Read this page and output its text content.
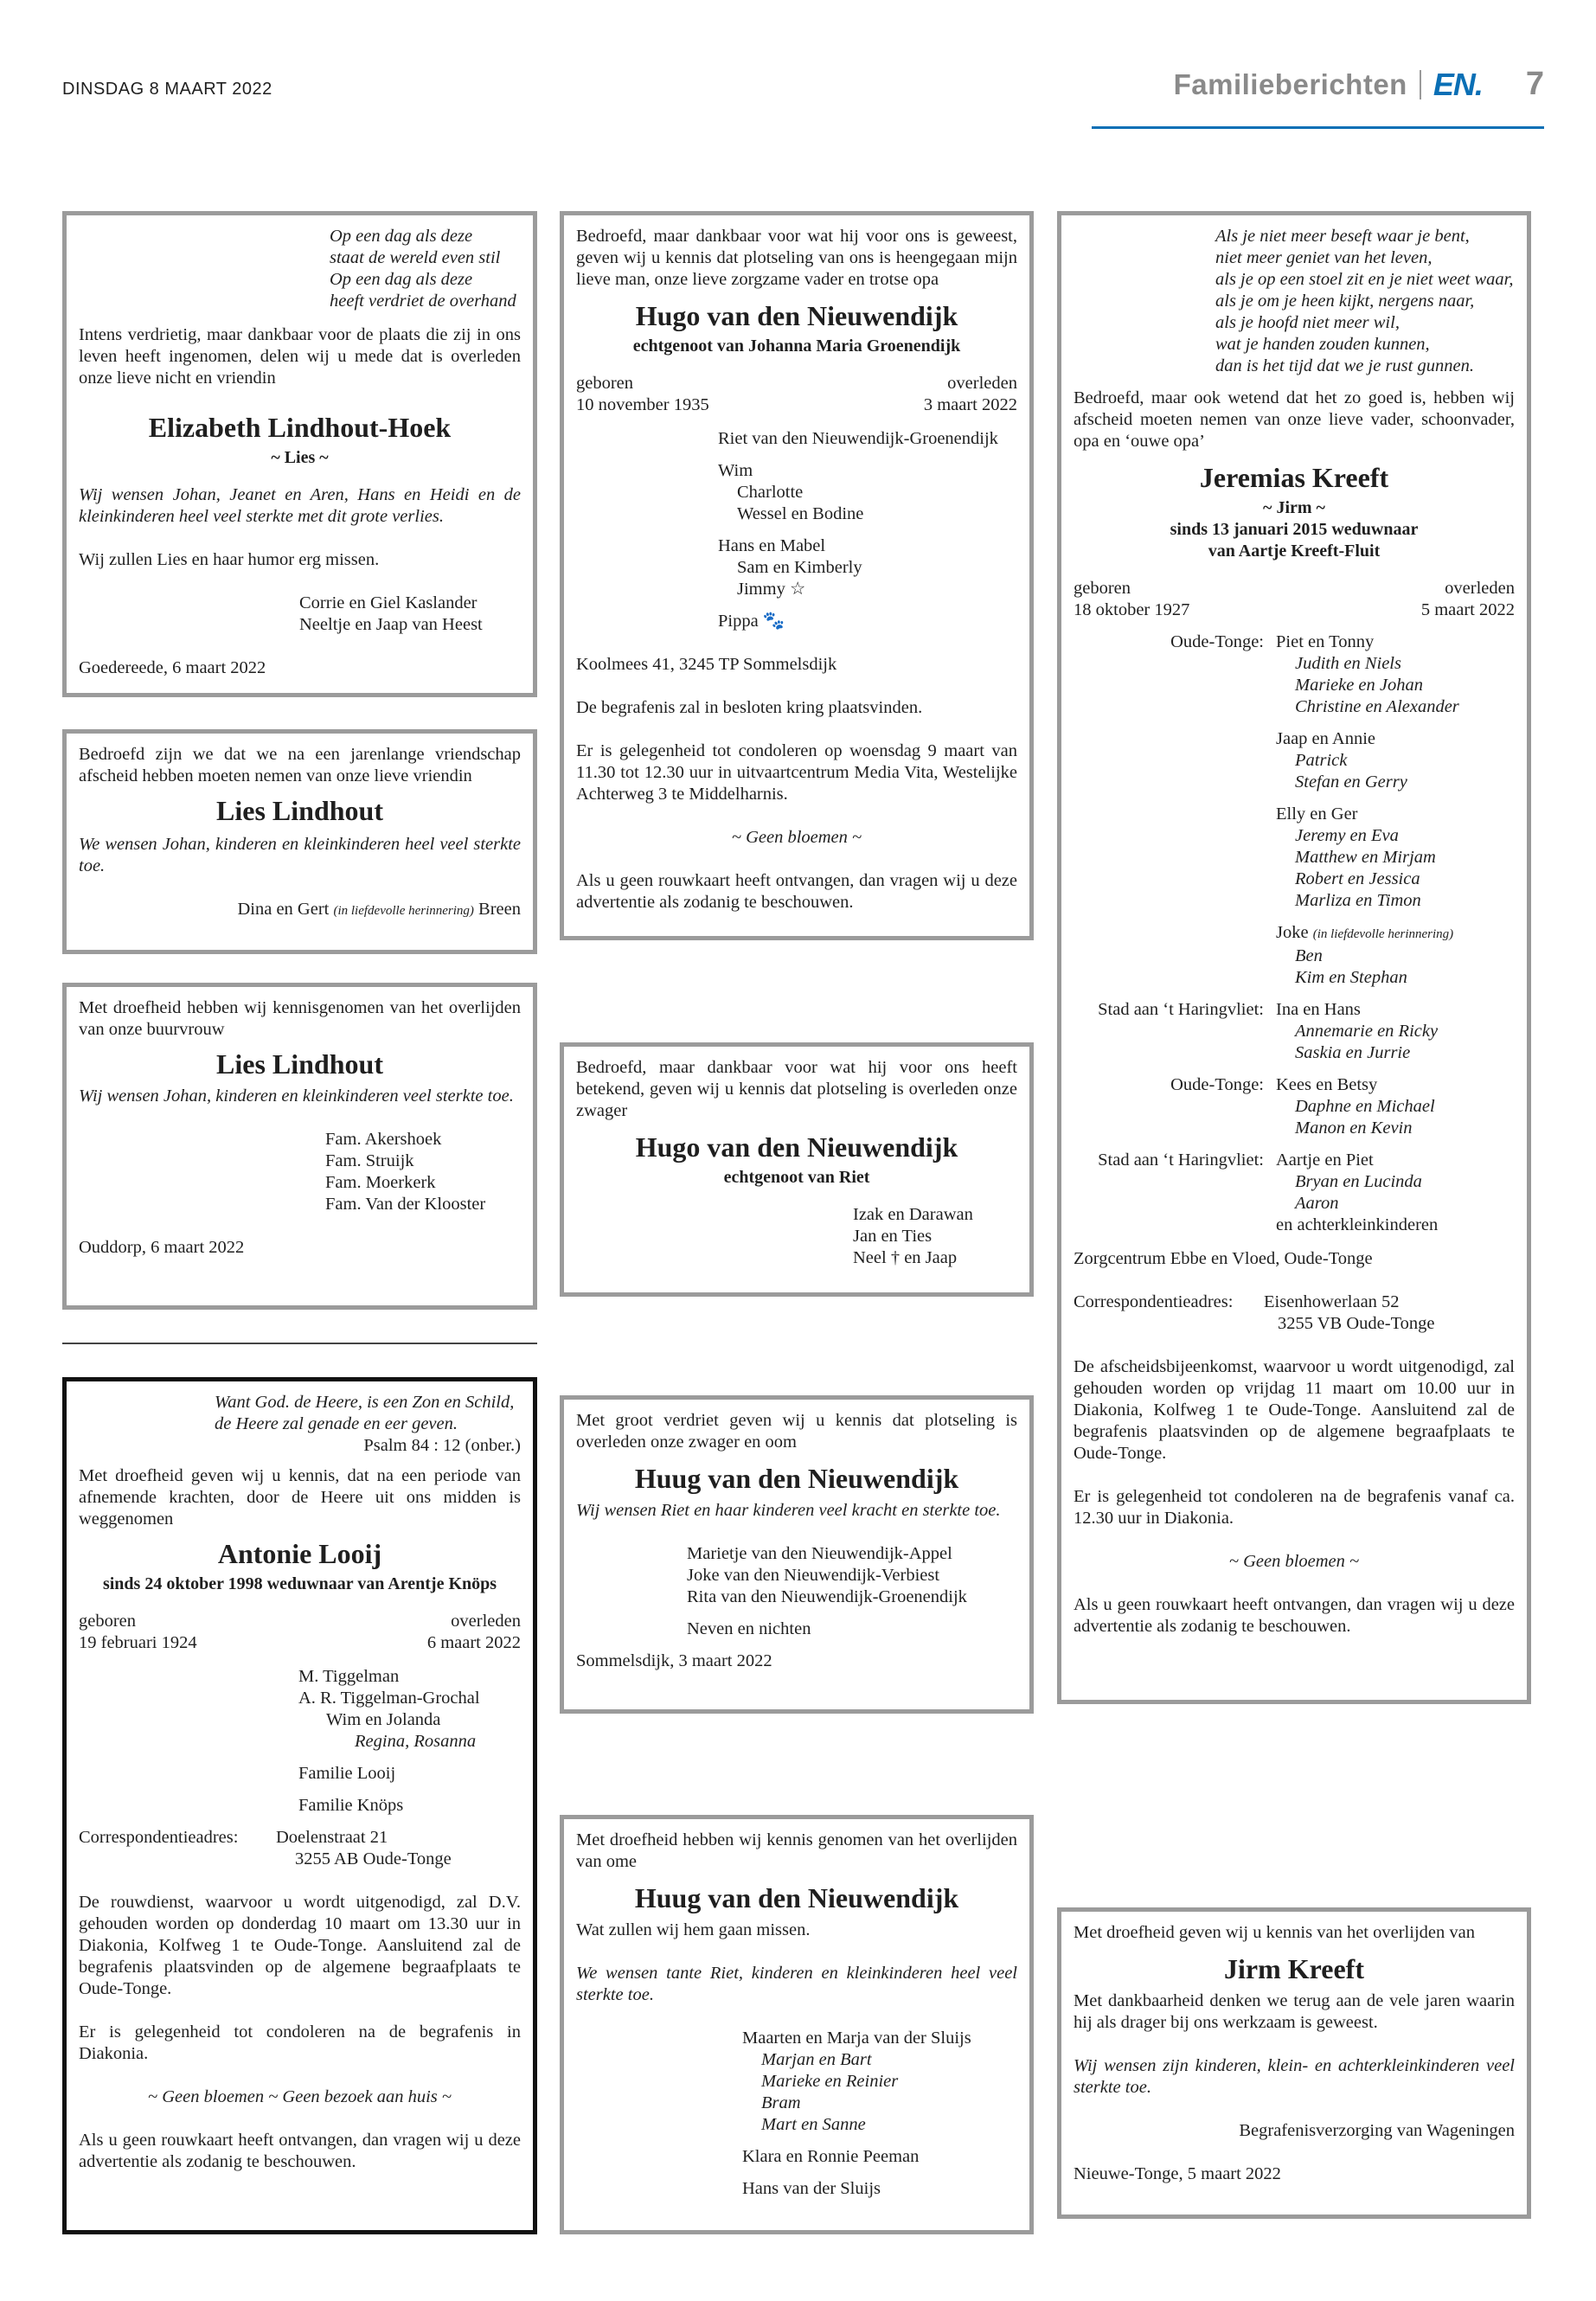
DINSDAG 8 MAART 2022	Familieberichten EN. 7
Op een dag als deze
staat de wereld even stil
Op een dag als deze
heeft verdriet de overhand

Intens verdrietig, maar dankbaar voor de plaats die zij in ons leven heeft ingenomen, delen wij u mede dat is overleden onze lieve nicht en vriendin

Elizabeth Lindhout-Hoek

~ Lies ~

Wij wensen Johan, Jeanet en Aren, Hans en Heidi en de kleinkinderen heel veel sterkte met dit grote verlies.

Wij zullen Lies en haar humor erg missen.

Corrie en Giel Kaslander
Neeltje en Jaap van Heest

Goedereede, 6 maart 2022

Bedroefd zijn we dat we na een jarenlange vriendschap afscheid hebben moeten nemen van onze lieve vriendin

Lies Lindhout

We wensen Johan, kinderen en kleinkinderen heel veel sterkte toe.

Dina en Gert (in liefdevolle herinnering) Breen

Met droefheid hebben wij kennisgenomen van het overlijden van onze buurvrouw

Lies Lindhout

Wij wensen Johan, kinderen en kleinkinderen veel sterkte toe.

Fam. Akershoek
Fam. Struijk
Fam. Moerkerk
Fam. Van der Klooster

Ouddorp, 6 maart 2022

Want God. de Heere, is een Zon en Schild,
de Heere zal genade en eer geven.

Psalm 84 : 12 (onber.)

Met droefheid geven wij u kennis, dat na een periode van afnemende krachten, door de Heere uit ons midden is weggenomen

Antonie Looij

sinds 24 oktober 1998 weduwnaar van Arentje Knöps

geboren
19 februari 1924
overleden
6 maart 2022
M. Tiggelman
A. R. Tiggelman-Grochal
Wim en Jolanda
Regina, Rosanna
Familie Looij
Familie Knöps
Correspondentieadres:	Doelenstraat 21
3255 AB Oude-Tonge

De rouwdienst, waarvoor u wordt uitgenodigd, zal D.V. gehouden worden op donderdag 10 maart om 13.30 uur in Diakonia, Kolfweg 1 te Oude-Tonge. Aansluitend zal de begrafenis plaatsvinden op de algemene begraafplaats te Oude-Tonge.

Er is gelegenheid tot condoleren na de begrafenis in Diakonia.

~ Geen bloemen ~ Geen bezoek aan huis ~

Als u geen rouwkaart heeft ontvangen, dan vragen wij u deze advertentie als zodanig te beschouwen.

Bedroefd, maar dankbaar voor wat hij voor ons is geweest, geven wij u kennis dat plotseling van ons is heengegaan mijn lieve man, onze lieve zorgzame vader en trotse opa

Hugo van den Nieuwendijk

echtgenoot van Johanna Maria Groenendijk

geboren
10 november 1935
overleden
3 maart 2022
Riet van den Nieuwendijk-Groenendijk
Wim
Charlotte
Wessel en Bodine
Hans en Mabel
Sam en Kimberly
Jimmy ☆
Pippa 🐾

Koolmees 41, 3245 TP Sommelsdijk

De begrafenis zal in besloten kring plaatsvinden.

Er is gelegenheid tot condoleren op woensdag 9 maart van 11.30 tot 12.30 uur in uitvaartcentrum Media Vita, Westelijke Achterweg 3 te Middelharnis.

~ Geen bloemen ~

Als u geen rouwkaart heeft ontvangen, dan vragen wij u deze advertentie als zodanig te beschouwen.

Bedroefd, maar dankbaar voor wat hij voor ons heeft betekend, geven wij u kennis dat plotseling is overleden onze zwager

Hugo van den Nieuwendijk

echtgenoot van Riet

Izak en Darawan
Jan en Ties
Neel † en Jaap

Met groot verdriet geven wij u kennis dat plotseling is overleden onze zwager en oom

Huug van den Nieuwendijk

Wij wensen Riet en haar kinderen veel kracht en sterkte toe.

Marietje van den Nieuwendijk-Appel
Joke van den Nieuwendijk-Verbiest
Rita van den Nieuwendijk-Groenendijk
Neven en nichten

Sommelsdijk, 3 maart 2022

Met droefheid hebben wij kennis genomen van het overlijden van ome

Huug van den Nieuwendijk

Wat zullen wij hem gaan missen.

We wensen tante Riet, kinderen en kleinkinderen heel veel sterkte toe.

Maarten en Marja van der Sluijs
Marjan en Bart
Marieke en Reinier
Bram
Mart en Sanne
Klara en Ronnie Peeman
Hans van der Sluijs
Als je niet meer beseft waar je bent,
niet meer geniet van het leven,
als je op een stoel zit en je niet weet waar,
als je om je heen kijkt, nergens naar,
als je hoofd niet meer wil,
wat je handen zouden kunnen,
dan is het tijd dat we je rust gunnen.

Bedroefd, maar ook wetend dat het zo goed is, hebben wij afscheid moeten nemen van onze lieve vader, schoonvader, opa en ‘ouwe opa’

Jeremias Kreeft
~ Jirm ~
sinds 13 januari 2015 weduwnaar
van Aartje Kreeft-Fluit
geboren
18 oktober 1927
overleden
5 maart 2022
Oude-Tonge: Piet en Tonny
Judith en Niels
Marieke en Johan
Christine en Alexander
Jaap en Annie
Patrick
Stefan en Gerry
Elly en Ger
Jeremy en Eva
Matthew en Mirjam
Robert en Jessica
Marliza en Timon
Joke (in liefdevolle herinnering)
Ben
Kim en Stephan
Stad aan ‘t Haringvliet: Ina en Hans
Annemarie en Ricky
Saskia en Jurrie
Oude-Tonge: Kees en Betsy
Daphne en Michael
Manon en Kevin
Stad aan ‘t Haringvliet: Aartje en Piet
Bryan en Lucinda
Aaron
en achterkleinkinderen

Zorgcentrum Ebbe en Vloed, Oude-Tonge

Correspondentieadres:	Eisenhowerlaan 52
3255 VB Oude-Tonge

De afscheidsbijeenkomst, waarvoor u wordt uitgenodigd, zal gehouden worden op vrijdag 11 maart om 10.00 uur in Diakonia, Kolfweg 1 te Oude-Tonge. Aansluitend zal de begrafenis plaatsvinden op de algemene begraafplaats te Oude-Tonge.

Er is gelegenheid tot condoleren na de begrafenis vanaf ca. 12.30 uur in Diakonia.

~ Geen bloemen ~

Als u geen rouwkaart heeft ontvangen, dan vragen wij u deze advertentie als zodanig te beschouwen.

Met droefheid geven wij u kennis van het overlijden van

Jirm Kreeft

Met dankbaarheid denken we terug aan de vele jaren waarin hij als drager bij ons werkzaam is geweest.

Wij wensen zijn kinderen, klein- en achterkleinkinderen veel sterkte toe.

Begrafenisverzorging van Wageningen

Nieuwe-Tonge, 5 maart 2022
